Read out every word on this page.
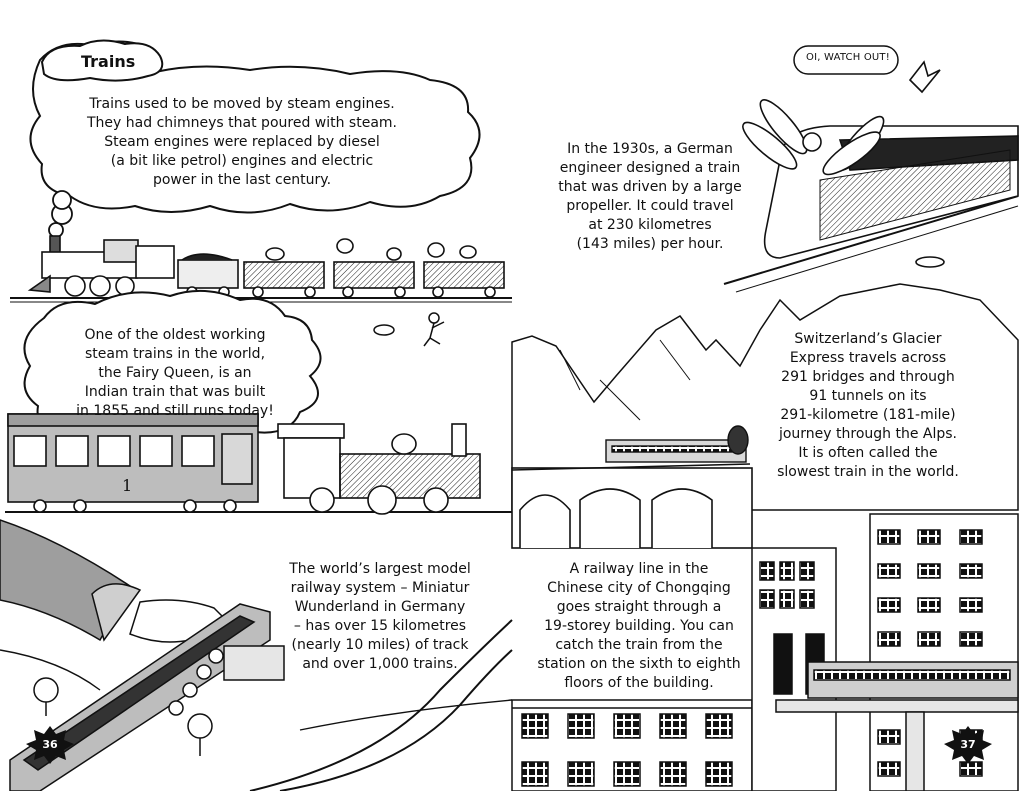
1
Trains	OI, WATCH OUT!
Trains used to be moved by steam engines.
They had chimneys that poured with steam.
Steam engines were replaced by diesel
(a bit like petrol) engines and electric
power in the last century.
One of the oldest working
steam trains in the world,
the Fairy Queen, is an
Indian train that was built
in 1855 and still runs today!
In the 1930s, a German
engineer designed a train
that was driven by a large
propeller. It could travel
at 230 kilometres
(143 miles) per hour.
Switzerland’s Glacier
Express travels across
291 bridges and through
91 tunnels on its
291-kilometre (181-mile)
journey through the Alps.
It is often called the
slowest train in the world.
The world’s largest model
railway system – Miniatur
Wunderland in Germany
– has over 15 kilometres
(nearly 10 miles) of track
and over 1,000 trains.
A railway line in the
Chinese city of Chongqing
goes straight through a
19-storey building. You can
catch the train from the
station on the sixth to eighth
floors of the building.
36	37
